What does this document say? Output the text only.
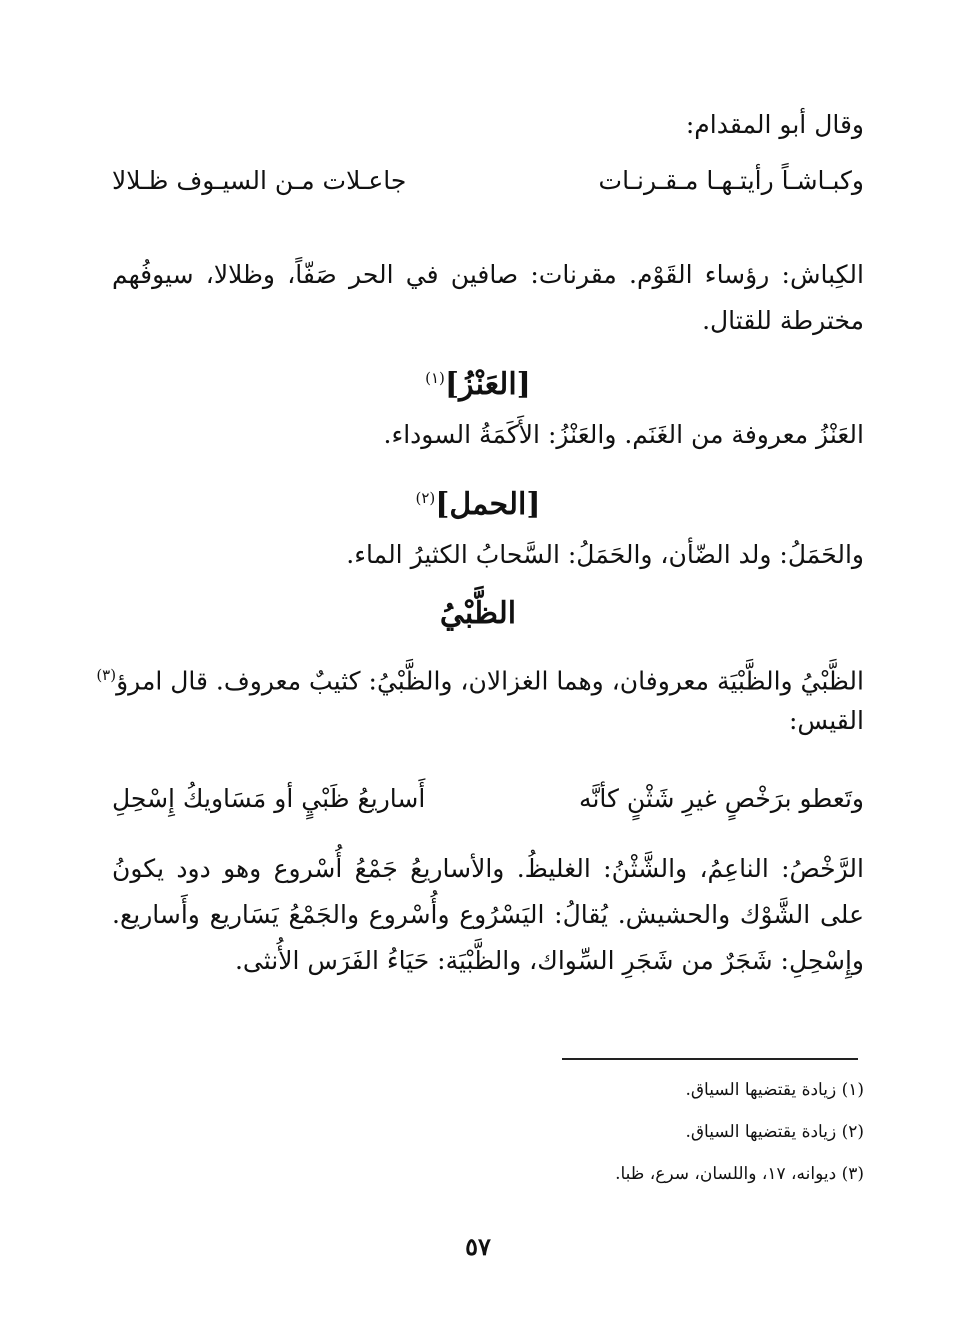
وقال أبو المقدام:
وكبـاشـاً رأيتـهـا مـقـرنـات
جاعـلات مـن السيـوف ظـلالا
الكِباش: رؤساء القَوْم. مقرنات: صافين في الحر صَفّاً، وظلالا، سيوفُهم مخترطة للقتال.
[العَنْزُ]$^{(١)}$
العَنْزُ معروفة من الغَنَم. والعَنْزُ: الأَكَمَةُ السوداء.
[الحمل]$^{(٢)}$
والحَمَلُ: ولد الضّأن، والحَمَلُ: السَّحابُ الكثيرُ الماء.
الظَّبْيُ
الظَّبْيُ والظَّبْيَة معروفان، وهما الغزالان، والظَّبْيُ: كثيبٌ معروف. قال امرؤ$^{(٣)}$
القيس:
وتَعطو برَخْصٍ غيرِ شَثْنٍ كأنَّه
أَساريعُ ظَبْيٍ أو مَسَاويكُ إِسْحِلِ
الرَّخْصُ: الناعِمُ، والشَّثْنُ: الغليظُ. والأساريعُ جَمْعُ أُسْروع وهو دود يكونُ على الشَّوْك والحشيش. يُقالُ: اليَسْرُوع وأُسْروع والجَمْعُ يَسَاريع وأَساريع. وإِسْحِلِ: شَجَرٌ من شَجَرِ السِّواك، والظَّبْيَة: حَيَاءُ الفَرَس الأُنثى.
(١) زيادة يقتضيها السياق.
(٢) زيادة يقتضيها السياق.
(٣) ديوانه، ١٧، واللسان، سرع، ظبا.
٥٧
